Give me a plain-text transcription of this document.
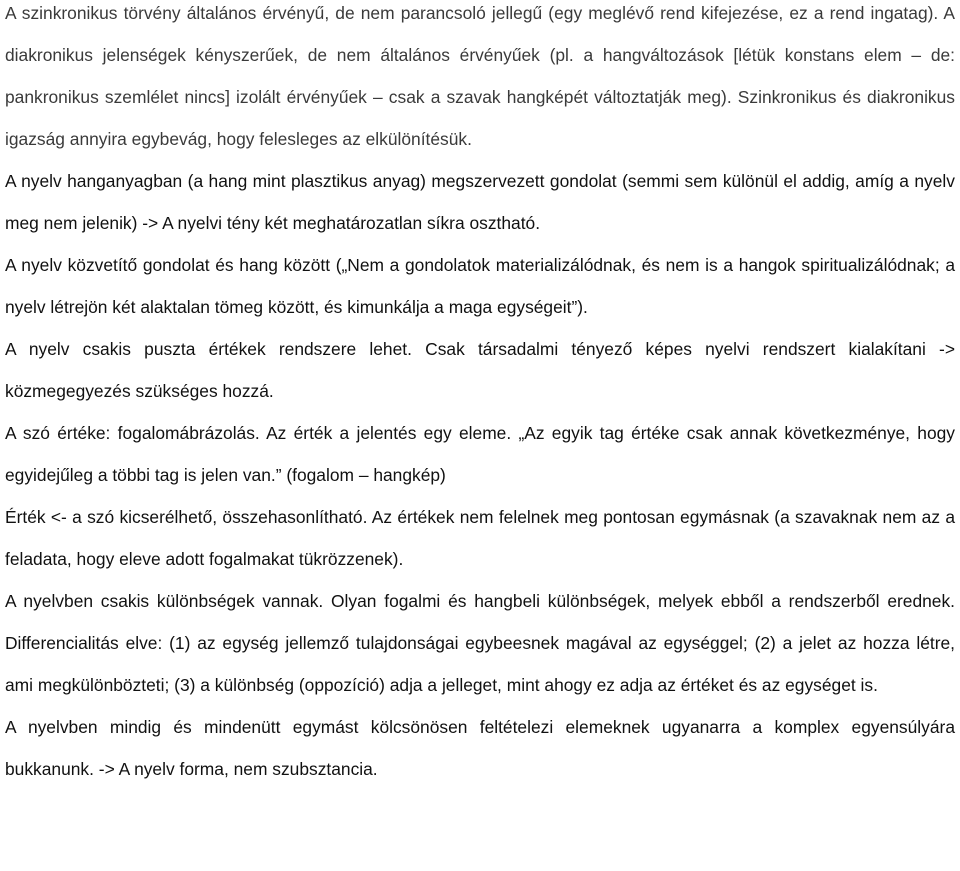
A szinkronikus törvény általános érvényű, de nem parancsoló jellegű (egy meglévő rend kifejezése, ez a rend ingatag). A diakronikus jelenségek kényszerűek, de nem általános érvényűek (pl. a hangváltozások [létük konstans elem – de: pankronikus szemlélet nincs] izolált érvényűek – csak a szavak hangképét változtatják meg). Szinkronikus és diakronikus igazság annyira egybevág, hogy felesleges az elkülönítésük.

A nyelv hanganyagban (a hang mint plasztikus anyag) megszervezett gondolat (semmi sem különül el addig, amíg a nyelv meg nem jelenik) -> A nyelvi tény két meghatározatlan síkra osztható.

A nyelv közvetítő gondolat és hang között („Nem a gondolatok materializálódnak, és nem is a hangok spiritualizálódnak; a nyelv létrejön két alaktalan tömeg között, és kimunkálja a maga egységeit”).

A nyelv csakis puszta értékek rendszere lehet. Csak társadalmi tényező képes nyelvi rendszert kialakítani -> közmegegyezés szükséges hozzá.

A szó értéke: fogalomábrázolás. Az érték a jelentés egy eleme. „Az egyik tag értéke csak annak következménye, hogy egyidejűleg a többi tag is jelen van.” (fogalom – hangkép)

Érték <- a szó kicserélhető, összehasonlítható. Az értékek nem felelnek meg pontosan egymásnak (a szavaknak nem az a feladata, hogy eleve adott fogalmakat tükrözzenek).

A nyelvben csakis különbségek vannak. Olyan fogalmi és hangbeli különbségek, melyek ebből a rendszerből erednek. Differencialitás elve: (1) az egység jellemző tulajdonságai egybeesnek magával az egységgel; (2) a jelet az hozza létre, ami megkülönbözteti; (3) a különbség (oppozíció) adja a jelleget, mint ahogy ez adja az értéket és az egységet is.

A nyelvben mindig és mindenütt egymást kölcsönösen feltételezi elemeknek ugyanarra a komplex egyensúlyára bukkanunk. -> A nyelv forma, nem szubsztancia.
